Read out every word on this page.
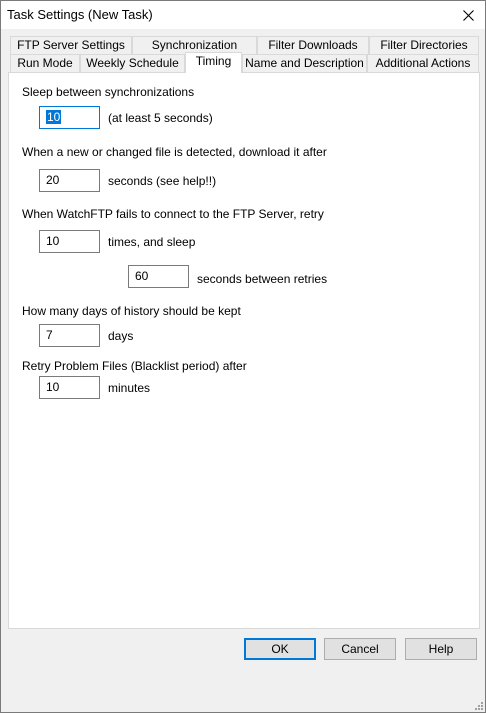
Task Settings (New Task)
FTP Server Settings	Synchronization	Filter Downloads	Filter Directories
Run Mode	Weekly Schedule	Timing	Name and Description Additional Actions
Sleep between synchronizations
10	(at least 5 seconds)
When a new or changed file is detected, download it after
20	seconds (see help!!)
When WatchFTP fails to connect to the FTP Server, retry
10	times, and sleep
60	seconds between retries
How many days of history should be kept
7	days
Retry Problem Files (Blacklist period) after
10	minutes
OK	Cancel	Help
